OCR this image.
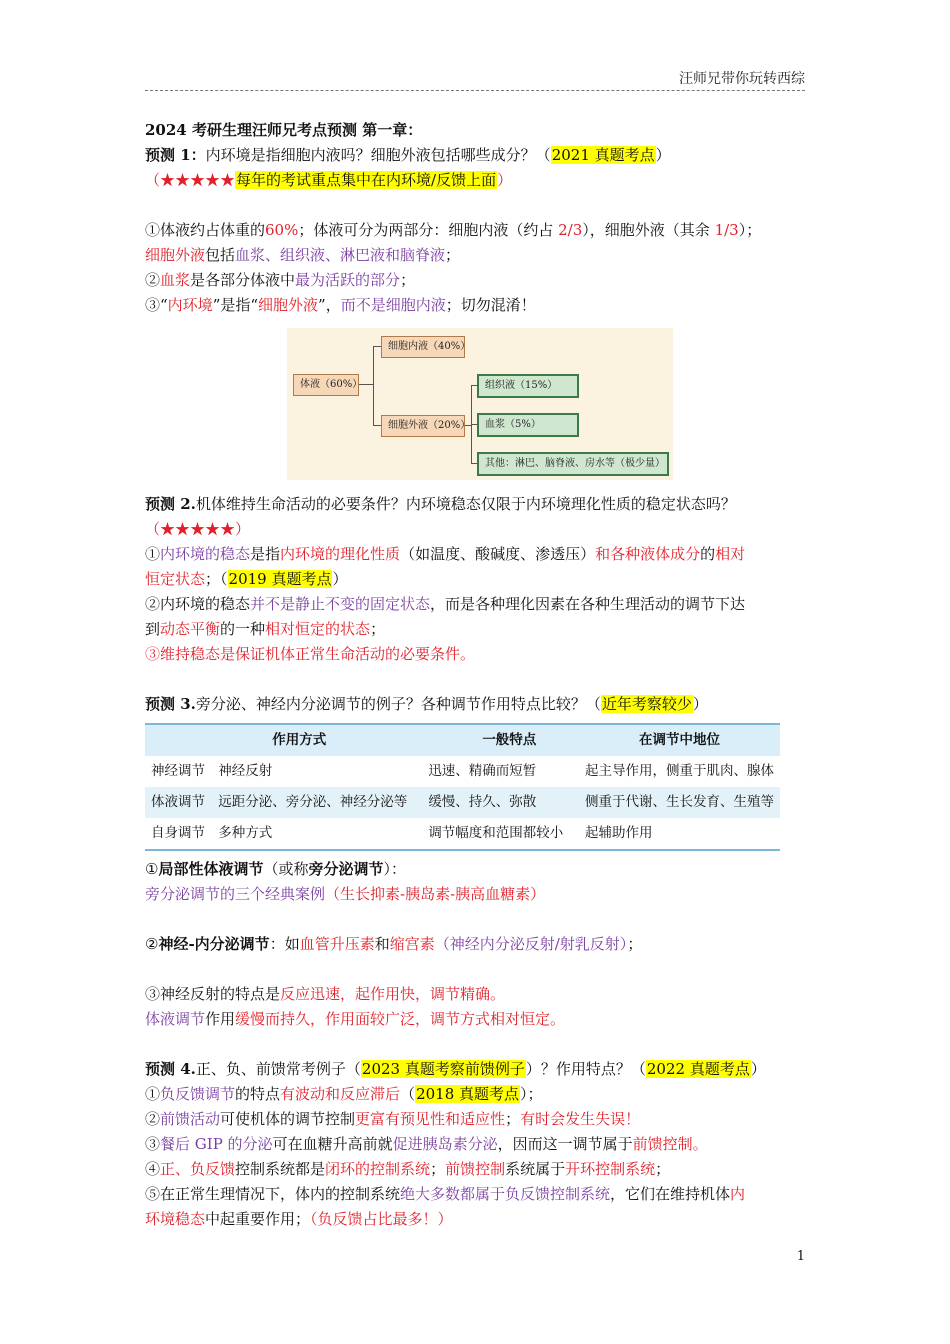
汪师兄带你玩转西综
2024 考研生理汪师兄考点预测 第一章：
预测 1：内环境是指细胞内液吗？细胞外液包括哪些成分？（2021 真题考点）
（★★★★★每年的考试重点集中在内环境/反馈上面）
①体液约占体重的60%；体液可分为两部分：细胞内液（约占 2/3），细胞外液（其余 1/3）；
细胞外液包括血浆、组织液、淋巴液和脑脊液；
②血浆是各部分体液中最为活跃的部分；
③“内环境”是指“细胞外液”，而不是细胞内液；切勿混淆！
体液（60%）
细胞内液（40%）
细胞外液（20%）
组织液（15%）
血浆（5%）
其他：淋巴、脑脊液、房水等（极少量）
预测 2.机体维持生命活动的必要条件？内环境稳态仅限于内环境理化性质的稳定状态吗？
（★★★★★）
①内环境的稳态是指内环境的理化性质（如温度、酸碱度、渗透压）和各种液体成分的相对
恒定状态；（2019 真题考点）
②内环境的稳态并不是静止不变的固定状态，而是各种理化因素在各种生理活动的调节下达
到动态平衡的一种相对恒定的状态；
③维持稳态是保证机体正常生命活动的必要条件。
预测 3.旁分泌、神经内分泌调节的例子？各种调节作用特点比较？（近年考察较少）
	作用方式	一般特点	在调节中地位
神经调节	神经反射	迅速、精确而短暂	起主导作用，侧重于肌肉、腺体
体液调节	远距分泌、旁分泌、神经分泌等	缓慢、持久、弥散	侧重于代谢、生长发育、生殖等
自身调节	多种方式	调节幅度和范围都较小	起辅助作用
①局部性体液调节（或称旁分泌调节）：
旁分泌调节的三个经典案例（生长抑素-胰岛素-胰高血糖素）
②神经-内分泌调节：如血管升压素和缩宫素（神经内分泌反射/射乳反射）；
③神经反射的特点是反应迅速，起作用快，调节精确。
体液调节作用缓慢而持久，作用面较广泛，调节方式相对恒定。
预测 4.正、负、前馈常考例子（2023 真题考察前馈例子）？作用特点？（2022 真题考点）
①负反馈调节的特点有波动和反应滞后（2018 真题考点）；
②前馈活动可使机体的调节控制更富有预见性和适应性；有时会发生失误！
③餐后 GIP 的分泌可在血糖升高前就促进胰岛素分泌，因而这一调节属于前馈控制。
④正、负反馈控制系统都是闭环的控制系统；前馈控制系统属于开环控制系统；
⑤在正常生理情况下，体内的控制系统绝大多数都属于负反馈控制系统，它们在维持机体内
环境稳态中起重要作用；（负反馈占比最多！）
1
